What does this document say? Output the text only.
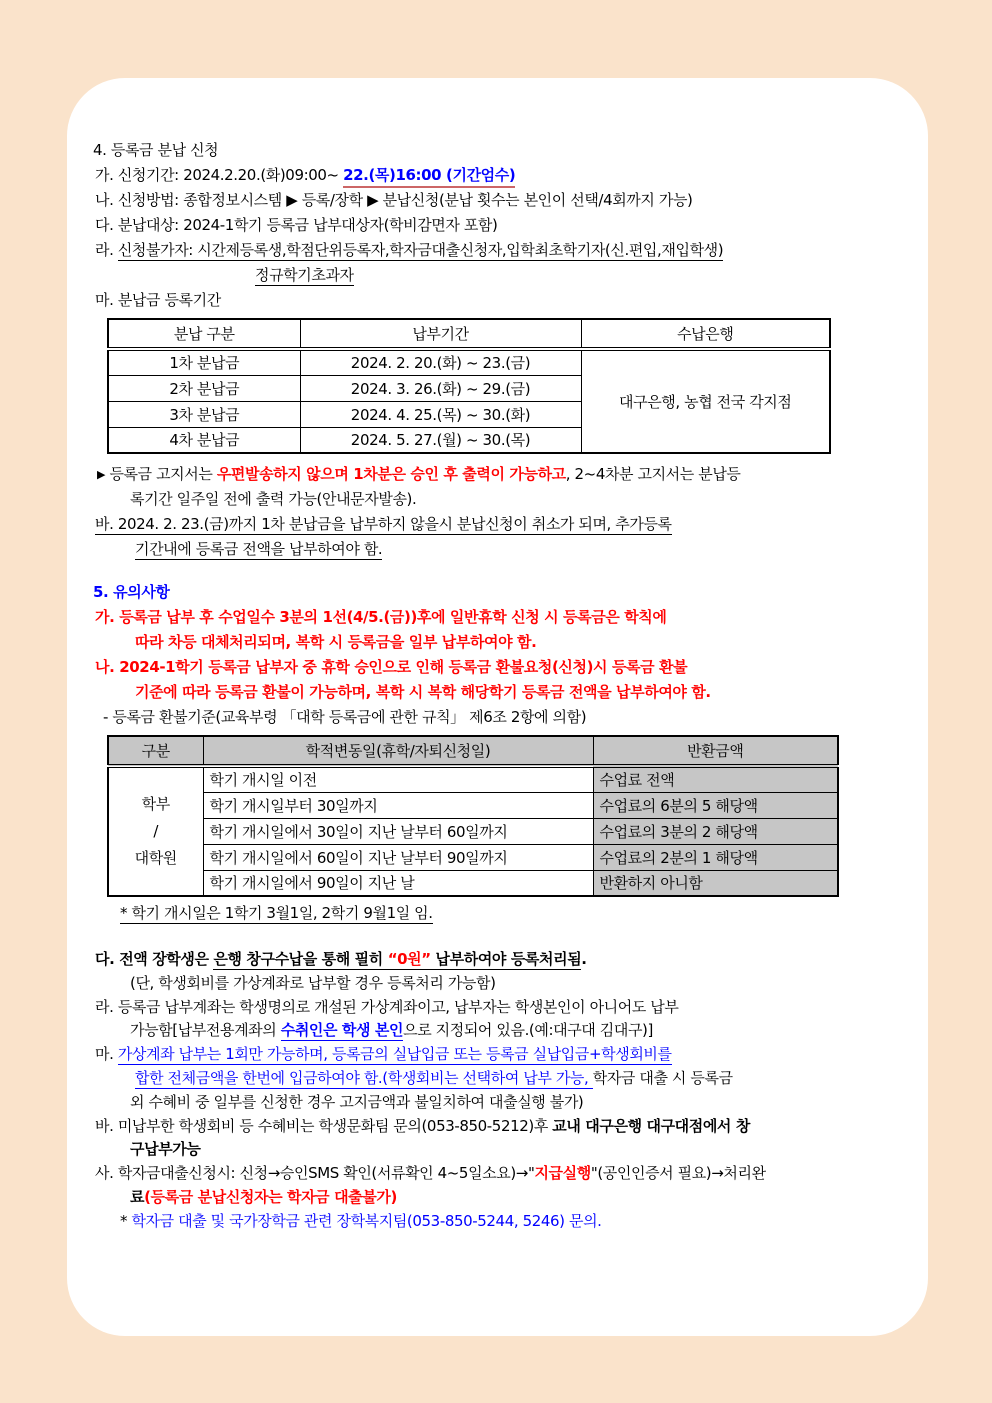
4. 등록금 분납 신청
가. 신청기간: 2024.2.20.(화)09:00~ 22.(목)16:00 (기간엄수)
나. 신청방법: 종합정보시스템 ▶ 등록/장학 ▶ 분납신청(분납 횟수는 본인이 선택/4회까지 가능)
다. 분납대상: 2024-1학기 등록금 납부대상자(학비감면자 포함)
라. 신청불가자: 시간제등록생,학점단위등록자,학자금대출신청자,입학최초학기자(신.편입,재입학생)
정규학기초과자
마. 분납금 등록기간
분납 구분	납부기간	수납은행
1차 분납금	2024. 2. 20.(화) ~ 23.(금)	대구은행, 농협 전국 각지점
2차 분납금	2024. 3. 26.(화) ~ 29.(금)	
3차 분납금	2024. 4. 25.(목) ~ 30.(화)	
4차 분납금	2024. 5. 27.(월) ~ 30.(목)	
▶ 등록금 고지서는 우편발송하지 않으며 1차분은 승인 후 출력이 가능하고, 2~4차분 고지서는 분납등
록기간 일주일 전에 출력 가능(안내문자발송).
바. 2024. 2. 23.(금)까지 1차 분납금을 납부하지 않을시 분납신청이 취소가 되며, 추가등록
기간내에 등록금 전액을 납부하여야 함.
5. 유의사항
가. 등록금 납부 후 수업일수 3분의 1선(4/5.(금))후에 일반휴학 신청 시 등록금은 학칙에
따라 차등 대체처리되며, 복학 시 등록금을 일부 납부하여야 함.
나. 2024-1학기 등록금 납부자 중 휴학 승인으로 인해 등록금 환불요청(신청)시 등록금 환불
기준에 따라 등록금 환불이 가능하며, 복학 시 복학 해당학기 등록금 전액을 납부하여야 함.
- 등록금 환불기준(교육부령 「대학 등록금에 관한 규칙」 제6조 2항에 의함)
구분	학적변동일(휴학/자퇴신청일)	반환금액

학부
/
대학원	학기 개시일 이전	수업료 전액
	학기 개시일부터 30일까지	수업료의 6분의 5 해당액
	학기 개시일에서 30일이 지난 날부터 60일까지	수업료의 3분의 2 해당액
	학기 개시일에서 60일이 지난 날부터 90일까지	수업료의 2분의 1 해당액
	학기 개시일에서 90일이 지난 날	반환하지 아니함
* 학기 개시일은 1학기 3월1일, 2학기 9월1일 임.
다. 전액 장학생은 은행 창구수납을 통해 필히 “0원” 납부하여야 등록처리됨.
(단, 학생회비를 가상계좌로 납부할 경우 등록처리 가능함)
라. 등록금 납부계좌는 학생명의로 개설된 가상계좌이고, 납부자는 학생본인이 아니어도 납부
가능함[납부전용계좌의 수취인은 학생 본인으로 지정되어 있음.(예:대구대 김대구)]
마. 가상계좌 납부는 1회만 가능하며, 등록금의 실납입금 또는 등록금 실납입금+학생회비를
합한 전체금액을 한번에 입금하여야 함.(학생회비는 선택하여 납부 가능, 학자금 대출 시 등록금
외 수혜비 중 일부를 신청한 경우 고지금액과 불일치하여 대출실행 불가)
바. 미납부한 학생회비 등 수혜비는 학생문화팀 문의(053-850-5212)후 교내 대구은행 대구대점에서 창
구납부가능
사. 학자금대출신청시: 신청→승인SMS 확인(서류확인 4~5일소요)→"지급실행"(공인인증서 필요)→처리완
료(등록금 분납신청자는 학자금 대출불가)
* 학자금 대출 및 국가장학금 관련 장학복지팀(053-850-5244, 5246) 문의.
